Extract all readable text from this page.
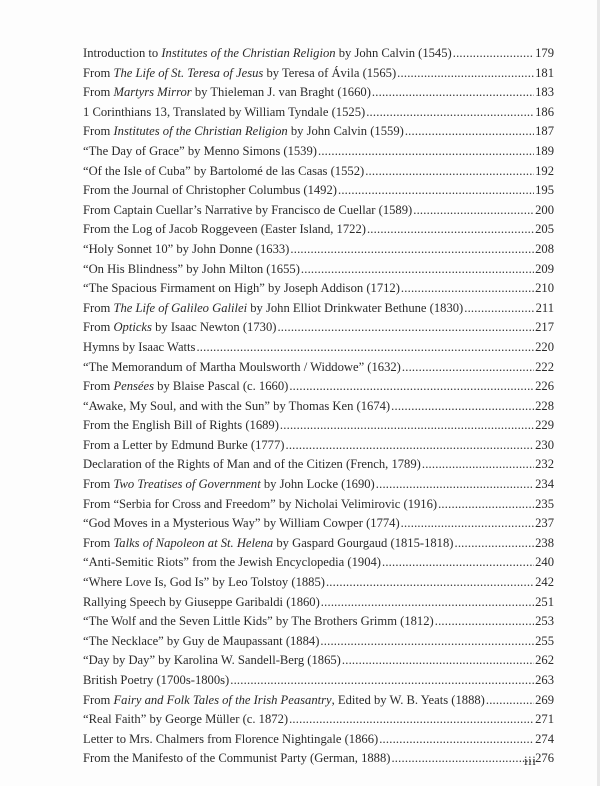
Introduction to Institutes of the Christian Religion by John Calvin (1545) .....	179
From The Life of St. Teresa of Jesus by Teresa of Ávila (1565) .....	181
From Martyrs Mirror by Thieleman J. van Braght (1660) .....	183
1 Corinthians 13, Translated by William Tyndale (1525) .....	186
From Institutes of the Christian Religion by John Calvin (1559) .....	187
“The Day of Grace” by Menno Simons (1539) .....	189
“Of the Isle of Cuba” by Bartolomé de las Casas (1552) .....	192
From the Journal of Christopher Columbus (1492) .....	195
From Captain Cuellar’s Narrative by Francisco de Cuellar (1589) .....	200
From the Log of Jacob Roggeveen (Easter Island, 1722) .....	205
“Holy Sonnet 10” by John Donne (1633) .....	208
“On His Blindness” by John Milton (1655) .....	209
“The Spacious Firmament on High” by Joseph Addison (1712) .....	210
From The Life of Galileo Galilei by John Elliot Drinkwater Bethune (1830) .....	211
From Opticks by Isaac Newton (1730) .....	217
Hymns by Isaac Watts .....	220
“The Memorandum of Martha Moulsworth / Widdowe” (1632) .....	222
From Pensées by Blaise Pascal (c. 1660) .....	226
“Awake, My Soul, and with the Sun” by Thomas Ken (1674) .....	228
From the English Bill of Rights (1689) .....	229
From a Letter by Edmund Burke (1777) .....	230
Declaration of the Rights of Man and of the Citizen (French, 1789) .....	232
From Two Treatises of Government by John Locke (1690) .....	234
From “Serbia for Cross and Freedom” by Nicholai Velimirovic (1916) .....	235
“God Moves in a Mysterious Way” by William Cowper (1774) .....	237
From Talks of Napoleon at St. Helena by Gaspard Gourgaud (1815-1818) .....	238
“Anti-Semitic Riots” from the Jewish Encyclopedia (1904) .....	240
“Where Love Is, God Is” by Leo Tolstoy (1885) .....	242
Rallying Speech by Giuseppe Garibaldi (1860) .....	251
“The Wolf and the Seven Little Kids” by The Brothers Grimm (1812) .....	253
“The Necklace” by Guy de Maupassant (1884) .....	255
“Day by Day” by Karolina W. Sandell-Berg (1865) .....	262
British Poetry (1700s-1800s) .....	263
From Fairy and Folk Tales of the Irish Peasantry, Edited by W. B. Yeats (1888) .....	269
“Real Faith” by George Müller (c. 1872) .....	271
Letter to Mrs. Chalmers from Florence Nightingale (1866) .....	274
From the Manifesto of the Communist Party (German, 1888) .....	276
iii
